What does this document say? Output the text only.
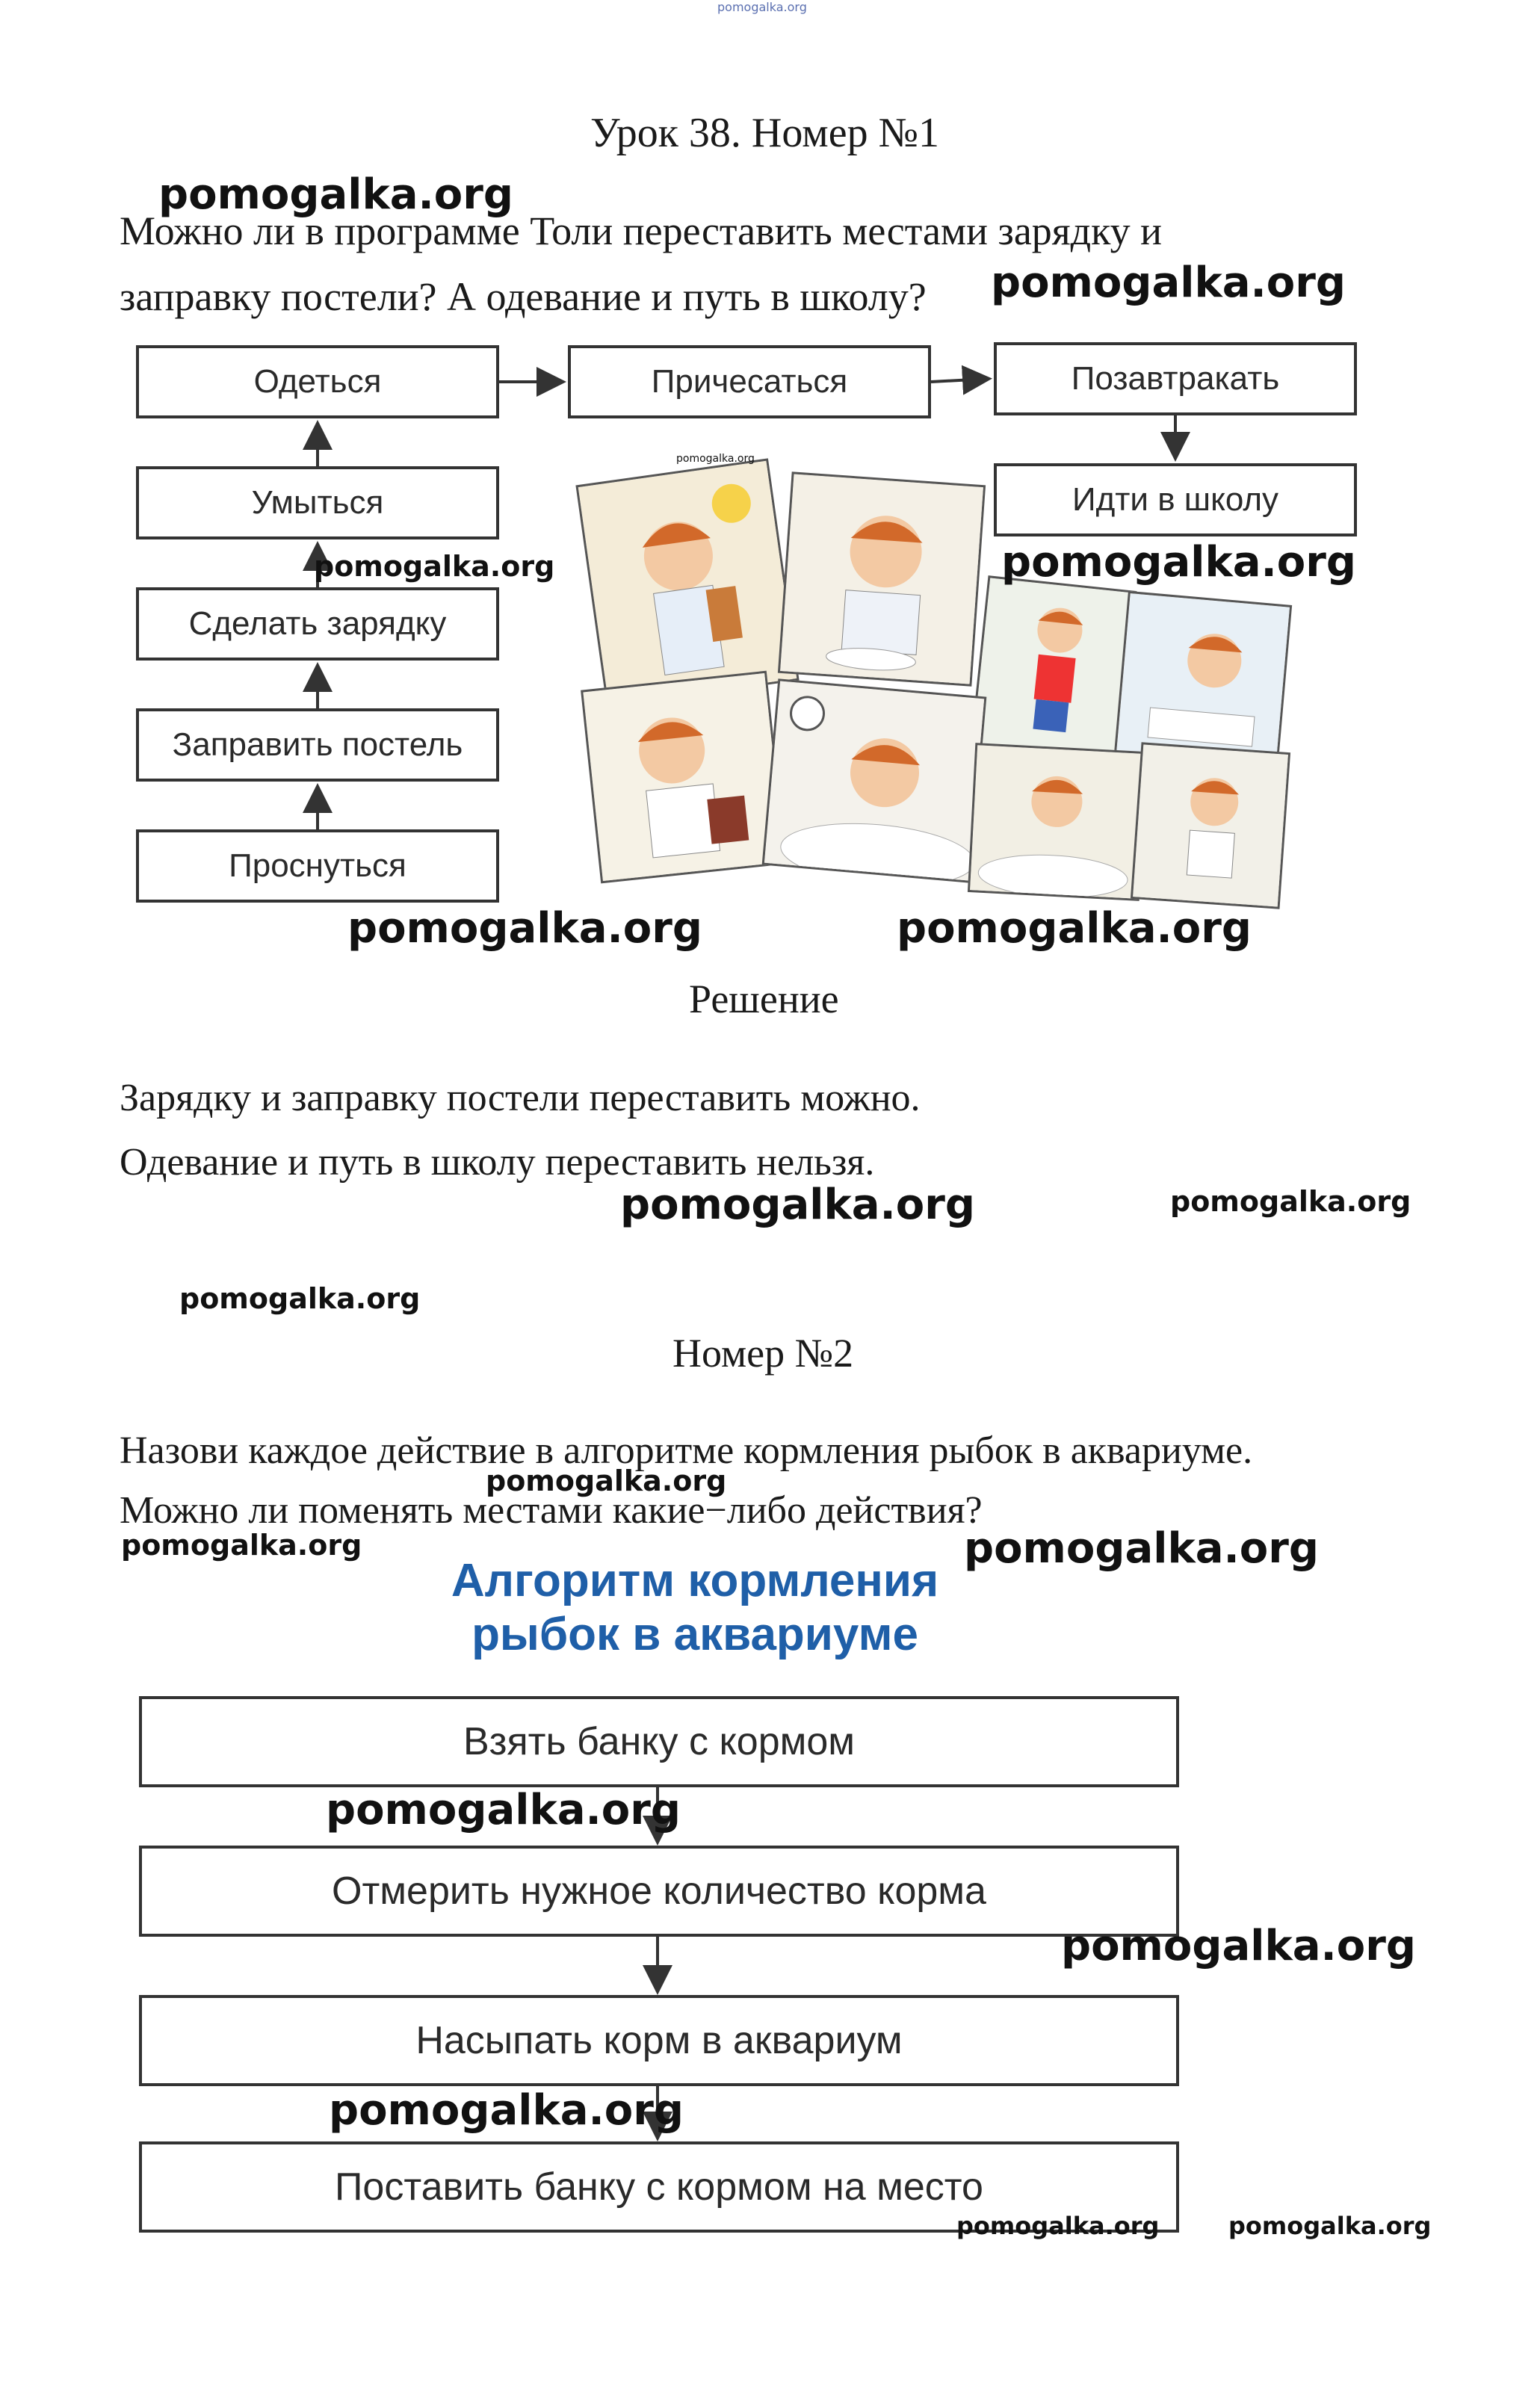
pomogalka.org
Урок 38. Номер №1
pomogalka.org
Можно ли в программе Толи переставить местами зарядку и
заправку постели? А одевание и путь в школу? pomogalka.org
Одеться
Умыться
Сделать зарядку
Заправить постель
Проснуться
Причесаться	Позавтракать
Идти в школу
pomogalka.org
pomogalka.org	pomogalka.org
pomogalka.org	pomogalka.org
Решение
Зарядку и заправку постели переставить можно.
Одевание и путь в школу переставить нельзя.
pomogalka.org	pomogalka.org
pomogalka.org
Номер №2
Назови каждое действие в алгоритме кормления рыбок в аквариуме.
pomogalka.org
Можно ли поменять местами какие−либо действия?
pomogalka.org	pomogalka.org
Алгоритм кормления
рыбок в аквариуме
Взять банку с кормом
Отмерить нужное количество корма
Насыпать корм в аквариум
Поставить банку с кормом на место
pomogalka.org
pomogalka.org
pomogalka.org
pomogalka.org	pomogalka.org
